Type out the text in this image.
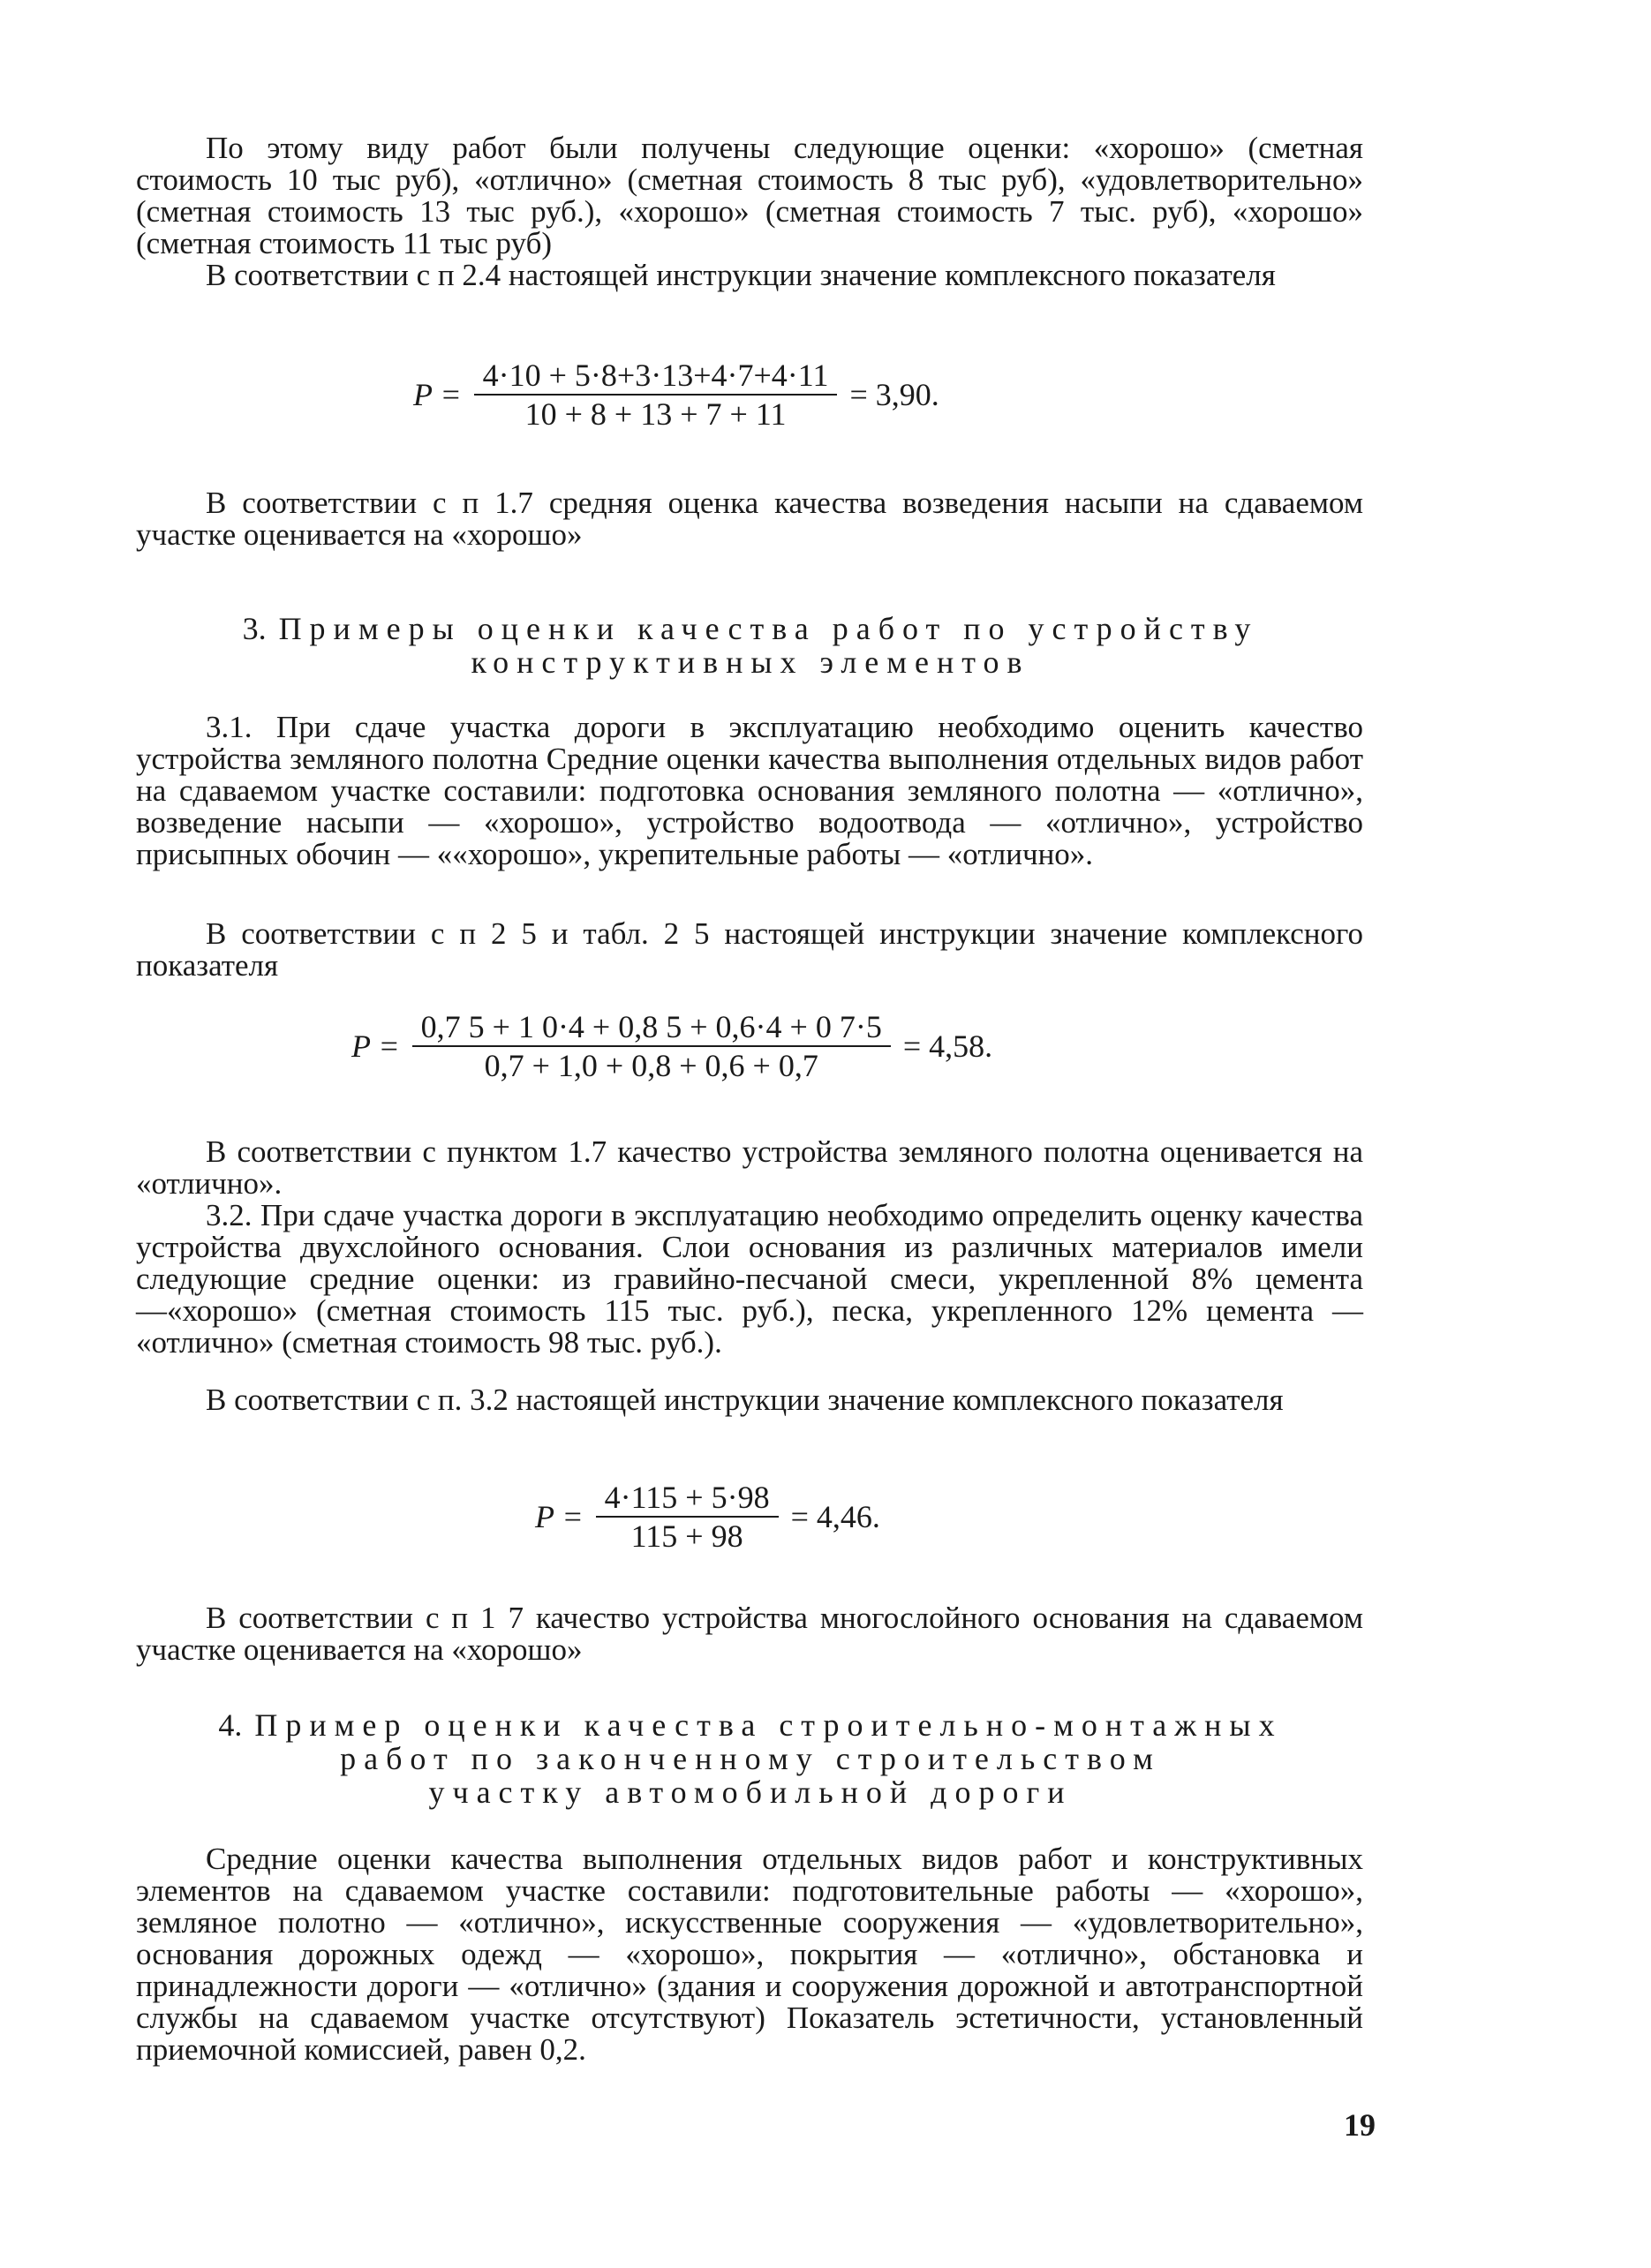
По этому виду работ были получены следующие оценки: «хорошо» (сметная стоимость 10 тыс руб), «отлично» (сметная стоимость 8 тыс руб), «удовлетворительно» (сметная стоимость 13 тыс руб.), «хорошо» (сметная стоимость 7 тыс. руб), «хорошо» (сметная стоимость 11 тыс руб)

В соответствии с п 2.4 настоящей инструкции значение комплексного показателя

$P = \frac{4\cdot 10 + 5\cdot 8+3\cdot 13+4\cdot 7+4\cdot 11}{10 + 8 + 13 + 7 + 11} = 3,90$.

В соответствии с п 1.7 средняя оценка качества возведения насыпи на сдаваемом участке оценивается на «хорошо»

3. Примеры оценки качества работ по устройству
конструктивных элементов

3.1. При сдаче участка дороги в эксплуатацию необходимо оценить качество устройства земляного полотна Средние оценки качества выполнения отдельных видов работ на сдаваемом участке составили: подготовка основания земляного полотна — «отлично», возведение насыпи — «хорошо», устройство водоотвода — «отлично», устройство присыпных обочин — ««хорошо», укрепительные работы — «отлично».

В соответствии с п 2 5 и табл. 2 5 настоящей инструкции значение комплексного показателя

$P = \frac{0,7 5 + 1 0\cdot 4 + 0,8 5 + 0,6\cdot 4 + 0 7\cdot 5}{0,7 + 1,0 + 0,8 + 0,6 + 0,7} = 4,58$.

В соответствии с пунктом 1.7 качество устройства земляного полотна оценивается на «отлично».

3.2. При сдаче участка дороги в эксплуатацию необходимо определить оценку качества устройства двухслойного основания. Слои основания из различных материалов имели следующие средние оценки: из гравийно-песчаной смеси, укрепленной 8% цемента—«хорошо» (сметная стоимость 115 тыс. руб.), песка, укрепленного 12% цемента — «отлично» (сметная стоимость 98 тыс. руб.).

В соответствии с п. 3.2 настоящей инструкции значение комплексного показателя

$P = \frac{4\cdot 115 + 5\cdot 98}{115 + 98} = 4,46$.

В соответствии с п 1 7 качество устройства многослойного основания на сдаваемом участке оценивается на «хорошо»

4. Пример оценки качества строительно-монтажных
работ по законченному строительством
участку автомобильной дороги

Средние оценки качества выполнения отдельных видов работ и конструктивных элементов на сдаваемом участке составили: подготовительные работы — «хорошо», земляное полотно — «отлично», искусственные сооружения — «удовлетворительно», основания дорожных одежд — «хорошо», покрытия — «отлично», обстановка и принадлежности дороги — «отлично» (здания и сооружения дорожной и автотранспортной службы на сдаваемом участке отсутствуют) Показатель эстетичности, установленный приемочной комиссией, равен 0,2.

19
